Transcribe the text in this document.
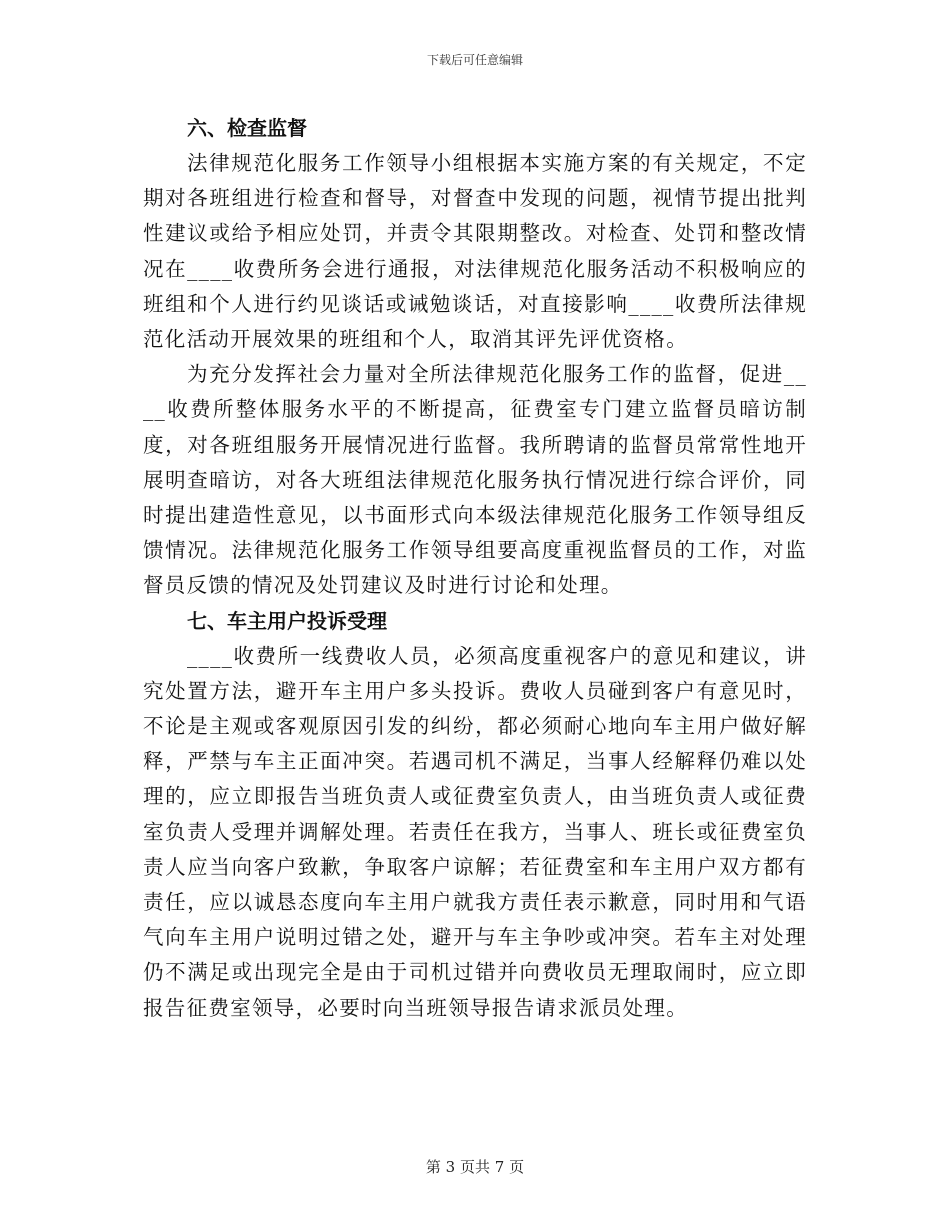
下载后可任意编辑
六、检查监督

法律规范化服务工作领导小组根据本实施方案的有关规定，不定期对各班组进行检查和督导，对督查中发现的问题，视情节提出批判性建议或给予相应处罚，并责令其限期整改。对检查、处罚和整改情况在____收费所务会进行通报，对法律规范化服务活动不积极响应的班组和个人进行约见谈话或诫勉谈话，对直接影响____收费所法律规范化活动开展效果的班组和个人，取消其评先评优资格。

为充分发挥社会力量对全所法律规范化服务工作的监督，促进____收费所整体服务水平的不断提高，征费室专门建立监督员暗访制度，对各班组服务开展情况进行监督。我所聘请的监督员常常性地开展明查暗访，对各大班组法律规范化服务执行情况进行综合评价，同时提出建造性意见，以书面形式向本级法律规范化服务工作领导组反馈情况。法律规范化服务工作领导组要高度重视监督员的工作，对监督员反馈的情况及处罚建议及时进行讨论和处理。

七、车主用户投诉受理

____收费所一线费收人员，必须高度重视客户的意见和建议，讲究处置方法，避开车主用户多头投诉。费收人员碰到客户有意见时，不论是主观或客观原因引发的纠纷，都必须耐心地向车主用户做好解释，严禁与车主正面冲突。若遇司机不满足，当事人经解释仍难以处理的，应立即报告当班负责人或征费室负责人，由当班负责人或征费室负责人受理并调解处理。若责任在我方，当事人、班长或征费室负责人应当向客户致歉，争取客户谅解；若征费室和车主用户双方都有责任，应以诚恳态度向车主用户就我方责任表示歉意，同时用和气语气向车主用户说明过错之处，避开与车主争吵或冲突。若车主对处理仍不满足或出现完全是由于司机过错并向费收员无理取闹时，应立即报告征费室领导，必要时向当班领导报告请求派员处理。

第 3 页共 7 页
